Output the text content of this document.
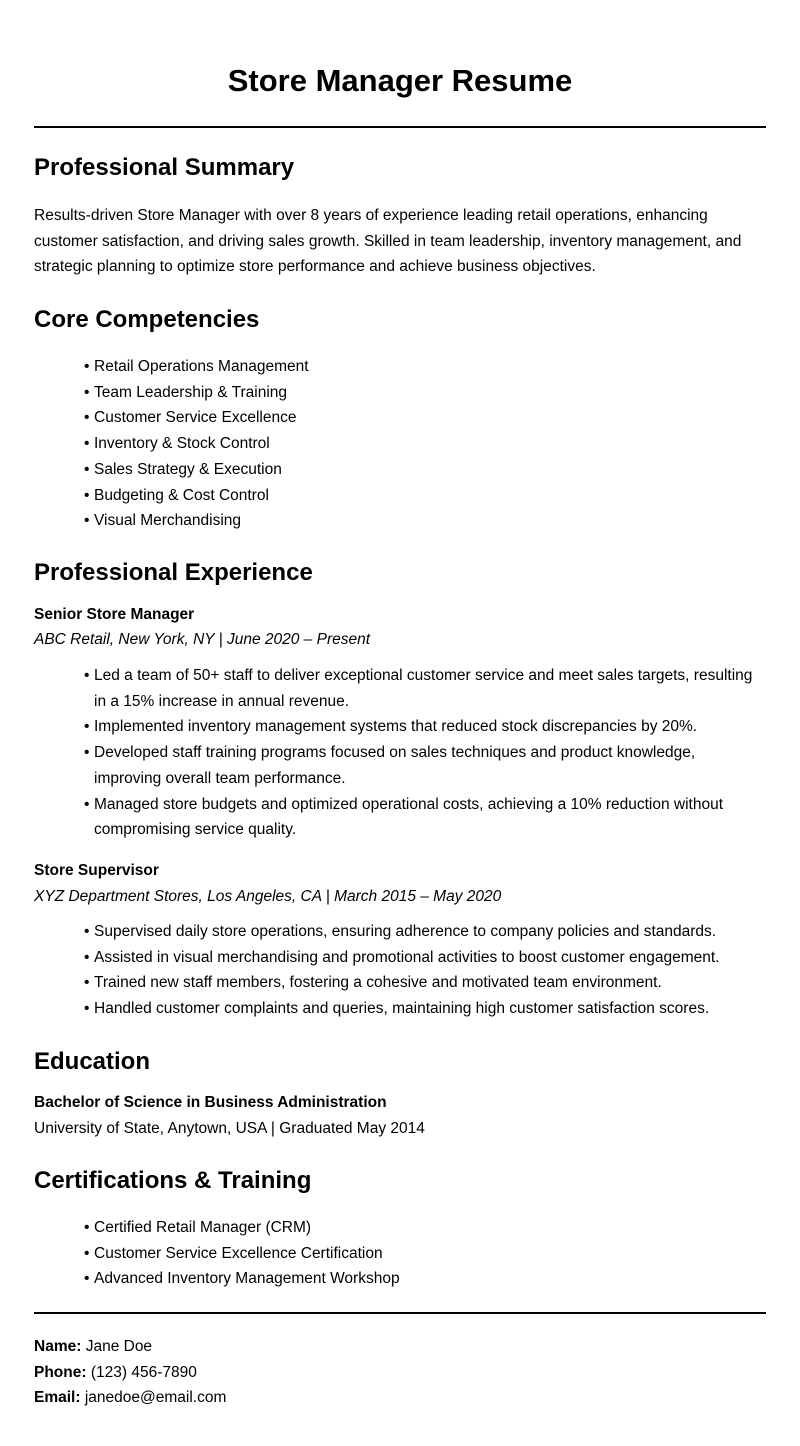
Store Manager Resume
Professional Summary

Results-driven Store Manager with over 8 years of experience leading retail operations, enhancing customer satisfaction, and driving sales growth. Skilled in team leadership, inventory management, and strategic planning to optimize store performance and achieve business objectives.

Core Competencies
• Retail Operations Management
• Team Leadership & Training
• Customer Service Excellence
• Inventory & Stock Control
• Sales Strategy & Execution
• Budgeting & Cost Control
• Visual Merchandising
Professional Experience
Senior Store Manager
ABC Retail, New York, NY | June 2020 – Present
• Led a team of 50+ staff to deliver exceptional customer service and meet sales targets, resulting in a 15% increase in annual revenue.
• Implemented inventory management systems that reduced stock discrepancies by 20%.
• Developed staff training programs focused on sales techniques and product knowledge, improving overall team performance.
• Managed store budgets and optimized operational costs, achieving a 10% reduction without compromising service quality.
Store Supervisor
XYZ Department Stores, Los Angeles, CA | March 2015 – May 2020
• Supervised daily store operations, ensuring adherence to company policies and standards.
• Assisted in visual merchandising and promotional activities to boost customer engagement.
• Trained new staff members, fostering a cohesive and motivated team environment.
• Handled customer complaints and queries, maintaining high customer satisfaction scores.
Education
Bachelor of Science in Business Administration
University of State, Anytown, USA | Graduated May 2014
Certifications & Training
• Certified Retail Manager (CRM)
• Customer Service Excellence Certification
• Advanced Inventory Management Workshop
Name: Jane Doe
Phone: (123) 456-7890
Email: janedoe@email.com
